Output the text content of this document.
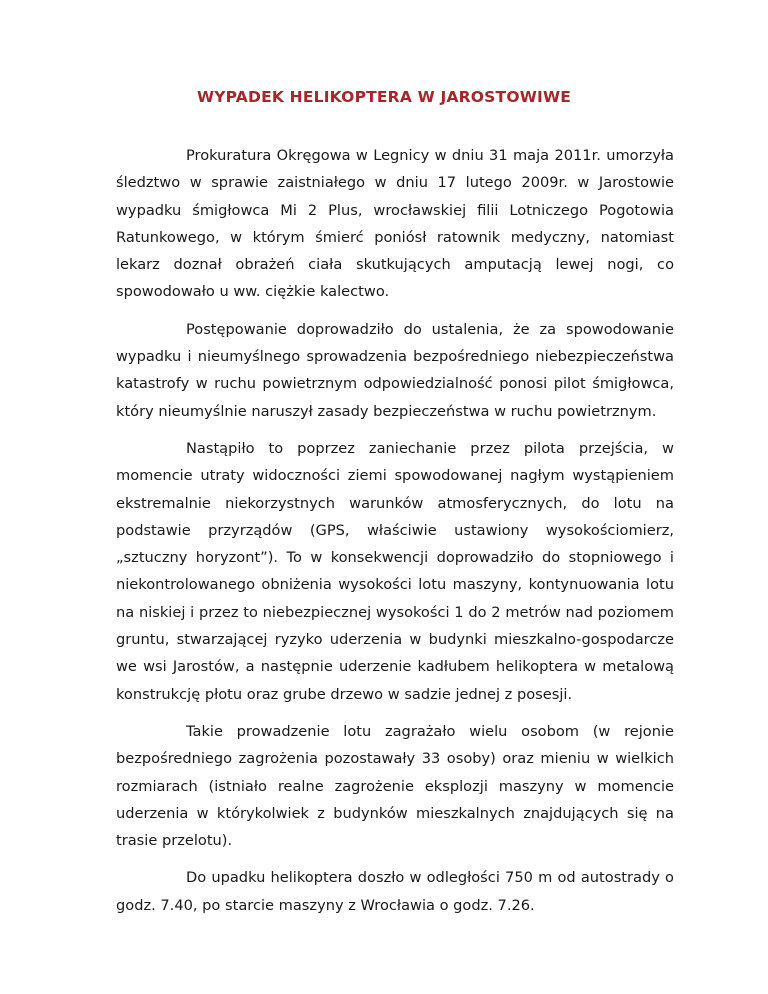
WYPADEK HELIKOPTERA W JAROSTOWIWE

Prokuratura Okręgowa w Legnicy w dniu 31 maja 2011r. umorzyła śledztwo w sprawie zaistniałego w dniu 17 lutego 2009r. w Jarostowie wypadku śmigłowca Mi 2 Plus, wrocławskiej filii Lotniczego Pogotowia Ratunkowego, w którym śmierć poniósł ratownik medyczny, natomiast lekarz doznał obrażeń ciała skutkujących amputacją lewej nogi, co spowodowało u ww. ciężkie kalectwo.

Postępowanie doprowadziło do ustalenia, że za spowodowanie wypadku i nieumyślnego sprowadzenia bezpośredniego niebezpieczeństwa katastrofy w ruchu powietrznym odpowiedzialność ponosi pilot śmigłowca, który nieumyślnie naruszył zasady bezpieczeństwa w ruchu powietrznym.

Nastąpiło to poprzez zaniechanie przez pilota przejścia, w momencie utraty widoczności ziemi spowodowanej nagłym wystąpieniem ekstremalnie niekorzystnych warunków atmosferycznych, do lotu na podstawie przyrządów (GPS, właściwie ustawiony wysokościomierz, „sztuczny horyzont”). To w konsekwencji doprowadziło do stopniowego i niekontrolowanego obniżenia wysokości lotu maszyny, kontynuowania lotu na niskiej i przez to niebezpiecznej wysokości 1 do 2 metrów nad poziomem gruntu, stwarzającej ryzyko uderzenia w budynki mieszkalno-gospodarcze we wsi Jarostów, a następnie uderzenie kadłubem helikoptera w metalową konstrukcję płotu oraz grube drzewo w sadzie jednej z posesji.

Takie prowadzenie lotu zagrażało wielu osobom (w rejonie bezpośredniego zagrożenia pozostawały 33 osoby) oraz mieniu w wielkich rozmiarach (istniało realne zagrożenie eksplozji maszyny w momencie uderzenia w którykolwiek z budynków mieszkalnych znajdujących się na trasie przelotu).

Do upadku helikoptera doszło w odległości 750 m od autostrady o godz. 7.40, po starcie maszyny z Wrocławia o godz. 7.26.
